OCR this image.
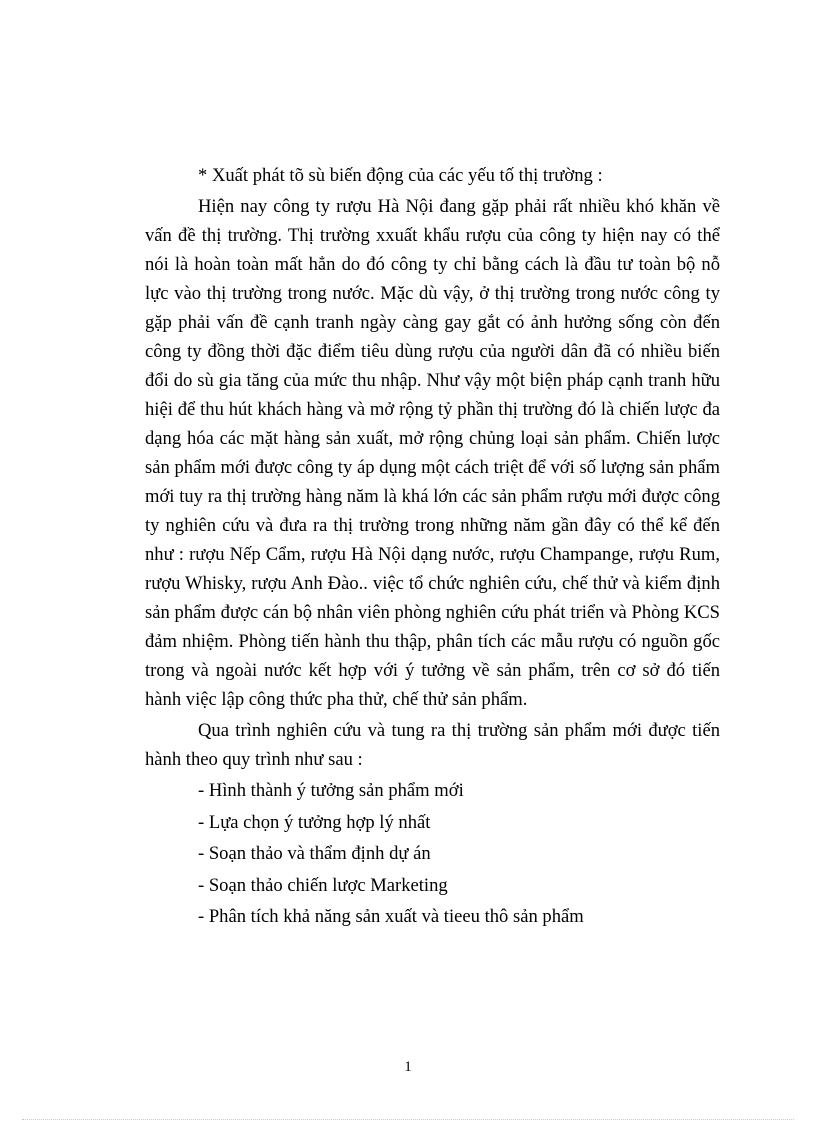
* Xuất phát tõ sù biến động của các yếu tố thị trường :

Hiện nay công ty rượu Hà Nội đang gặp phải rất nhiều khó khăn về vấn đề thị trường. Thị trường xxuất khẩu rượu của công ty hiện nay có thể nói là hoàn toàn mất hẳn do đó công ty chỉ bằng cách là đầu tư toàn bộ nỗ lực vào thị trường trong nước. Mặc dù vậy, ở thị trường trong nước công ty gặp phải vấn đề cạnh tranh ngày càng gay gắt có ảnh hưởng sống còn đến công ty đồng thời đặc điểm tiêu dùng rượu của người dân đã có nhiều biến đổi do sù gia tăng của mức thu nhập. Như vậy một biện pháp cạnh tranh hữu hiệi để thu hút khách hàng và mở rộng tỷ phần thị trường đó là chiến lược đa dạng hóa các mặt hàng sản xuất, mở rộng chủng loại sản phẩm. Chiến lược sản phẩm mới được công ty áp dụng một cách triệt để với số lượng sản phẩm mới tuy ra thị trường hàng năm là khá lớn các sản phẩm rượu mới được công ty nghiên cứu và đưa ra thị trường trong những năm gần đây có thể kể đến như : rượu Nếp Cẩm, rượu Hà Nội dạng nước, rượu Champange, rượu Rum, rượu Whisky, rượu Anh Đào.. việc tổ chức nghiên cứu, chế thử và kiểm định sản phẩm được cán bộ nhân viên phòng nghiên cứu phát triển và Phòng KCS đảm nhiệm. Phòng tiến hành thu thập, phân tích các mẫu rượu có nguồn gốc trong và ngoài nước kết hợp với ý tưởng về sản phẩm, trên cơ sở đó tiến hành việc lập công thức pha thử, chế thử sản phẩm.

Qua trình nghiên cứu và tung ra thị trường sản phẩm mới được tiến hành theo quy trình như sau :

- Hình thành ý tưởng sản phẩm mới
- Lựa chọn ý tưởng hợp lý nhất
- Soạn thảo và thẩm định dự án
- Soạn thảo chiến lược Marketing
- Phân tích khả năng sản xuất và tieeu thô sản phẩm
1
